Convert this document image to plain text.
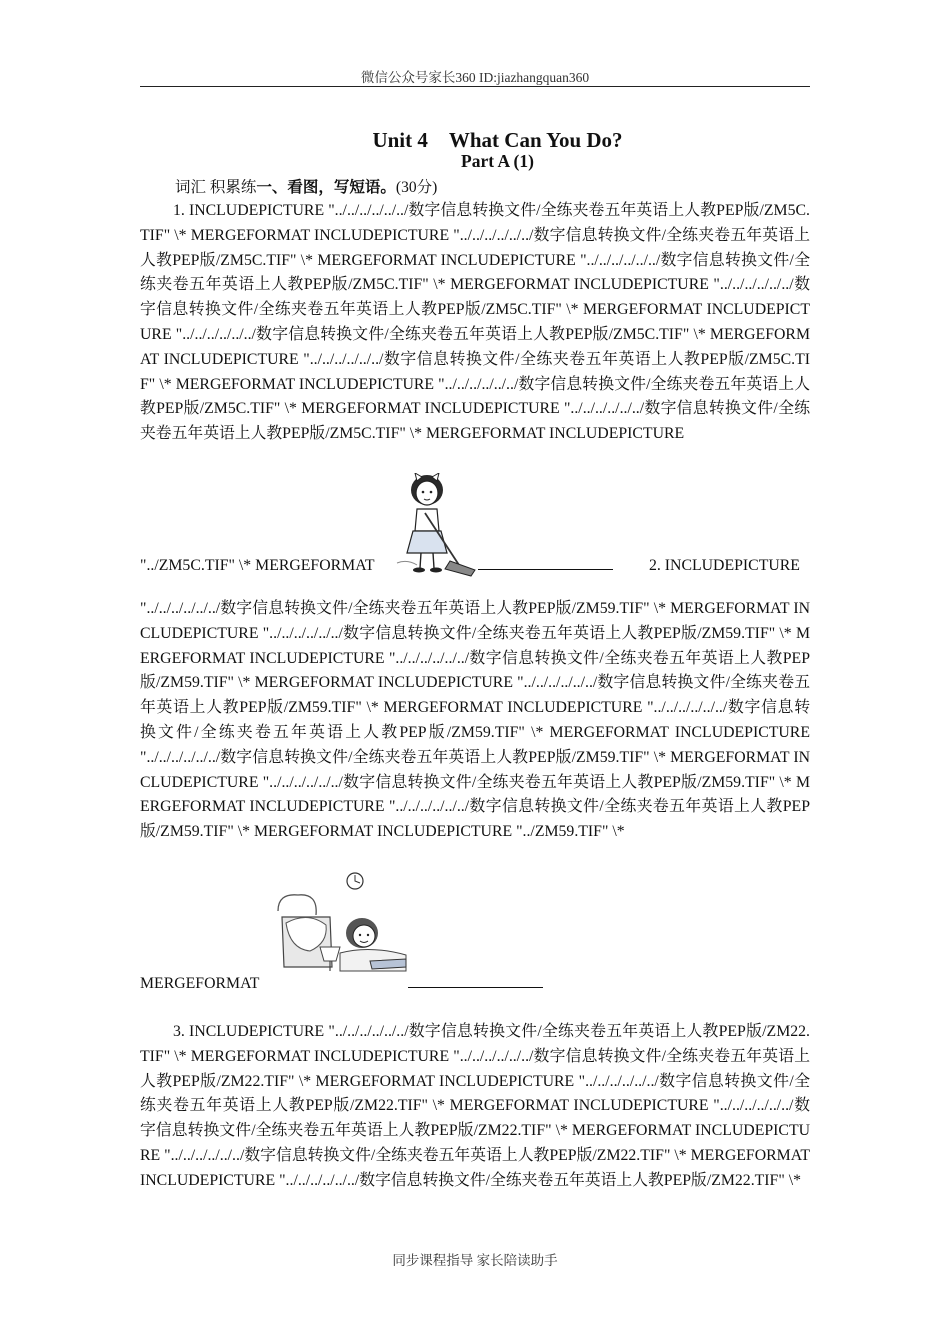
微信公众号家长360 ID:jiazhangquan360
Unit 4　What Can You Do?
Part A (1)
词汇 积累练一、看图，写短语。(30分)

1. INCLUDEPICTURE "../../../../../../数字信息转换文件/全练夹卷五年英语上人教PEP版/ZM5C.TIF" \* MERGEFORMAT INCLUDEPICTURE "../../../../../../数字信息转换文件/全练夹卷五年英语上人教PEP版/ZM5C.TIF" \* MERGEFORMAT INCLUDEPICTURE "../../../../../../数字信息转换文件/全练夹卷五年英语上人教PEP版/ZM5C.TIF" \* MERGEFORMAT INCLUDEPICTURE "../../../../../../数字信息转换文件/全练夹卷五年英语上人教PEP版/ZM5C.TIF" \* MERGEFORMAT INCLUDEPICTURE "../../../../../../数字信息转换文件/全练夹卷五年英语上人教PEP版/ZM5C.TIF" \* MERGEFORMAT INCLUDEPICTURE "../../../../../../数字信息转换文件/全练夹卷五年英语上人教PEP版/ZM5C.TIF" \* MERGEFORMAT INCLUDEPICTURE "../../../../../../数字信息转换文件/全练夹卷五年英语上人教PEP版/ZM5C.TIF" \* MERGEFORMAT INCLUDEPICTURE "../../../../../../数字信息转换文件/全练夹卷五年英语上人教PEP版/ZM5C.TIF" \* MERGEFORMAT INCLUDEPICTURE

"../ZM5C.TIF" \* MERGEFORMAT	2. INCLUDEPICTURE

"../../../../../../数字信息转换文件/全练夹卷五年英语上人教PEP版/ZM59.TIF" \* MERGEFORMAT INCLUDEPICTURE "../../../../../../数字信息转换文件/全练夹卷五年英语上人教PEP版/ZM59.TIF" \* MERGEFORMAT INCLUDEPICTURE "../../../../../../数字信息转换文件/全练夹卷五年英语上人教PEP版/ZM59.TIF" \* MERGEFORMAT INCLUDEPICTURE "../../../../../../数字信息转换文件/全练夹卷五年英语上人教PEP版/ZM59.TIF" \* MERGEFORMAT INCLUDEPICTURE "../../../../../../数字信息转换文件/全练夹卷五年英语上人教PEP版/ZM59.TIF" \* MERGEFORMAT INCLUDEPICTURE "../../../../../../数字信息转换文件/全练夹卷五年英语上人教PEP版/ZM59.TIF" \* MERGEFORMAT INCLUDEPICTURE "../../../../../../数字信息转换文件/全练夹卷五年英语上人教PEP版/ZM59.TIF" \* MERGEFORMAT INCLUDEPICTURE "../../../../../../数字信息转换文件/全练夹卷五年英语上人教PEP版/ZM59.TIF" \* MERGEFORMAT INCLUDEPICTURE "../ZM59.TIF" \*

MERGEFORMAT

3. INCLUDEPICTURE "../../../../../../数字信息转换文件/全练夹卷五年英语上人教PEP版/ZM22.TIF" \* MERGEFORMAT INCLUDEPICTURE "../../../../../../数字信息转换文件/全练夹卷五年英语上人教PEP版/ZM22.TIF" \* MERGEFORMAT INCLUDEPICTURE "../../../../../../数字信息转换文件/全练夹卷五年英语上人教PEP版/ZM22.TIF" \* MERGEFORMAT INCLUDEPICTURE "../../../../../../数字信息转换文件/全练夹卷五年英语上人教PEP版/ZM22.TIF" \* MERGEFORMAT INCLUDEPICTURE "../../../../../../数字信息转换文件/全练夹卷五年英语上人教PEP版/ZM22.TIF" \* MERGEFORMAT INCLUDEPICTURE "../../../../../../数字信息转换文件/全练夹卷五年英语上人教PEP版/ZM22.TIF" \*

同步课程指导 家长陪读助手
